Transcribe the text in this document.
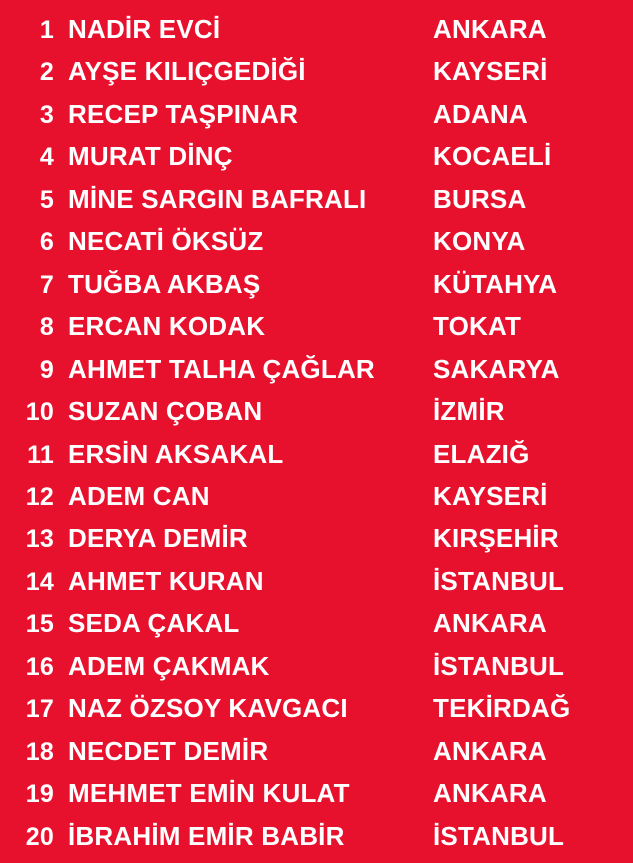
1 NADİR EVCİ	ANKARA
2 AYŞE KILIÇGEDİĞİ	KAYSERİ
3 RECEP TAŞPINAR	ADANA
4 MURAT DİNÇ	KOCAELİ
5 MİNE SARGIN BAFRALI	BURSA
6 NECATİ ÖKSÜZ	KONYA
7 TUĞBA AKBAŞ	KÜTAHYA
8 ERCAN KODAK	TOKAT
9 AHMET TALHA ÇAĞLAR	SAKARYA
10 SUZAN ÇOBAN	İZMİR
11 ERSİN AKSAKAL	ELAZIĞ
12 ADEM CAN	KAYSERİ
13 DERYA DEMİR	KIRŞEHİR
14 AHMET KURAN	İSTANBUL
15 SEDA ÇAKAL	ANKARA
16 ADEM ÇAKMAK	İSTANBUL
17 NAZ ÖZSOY KAVGACI	TEKİRDAĞ
18 NECDET DEMİR	ANKARA
19 MEHMET EMİN KULAT	ANKARA
20 İBRAHİM EMİR BABİR	İSTANBUL
